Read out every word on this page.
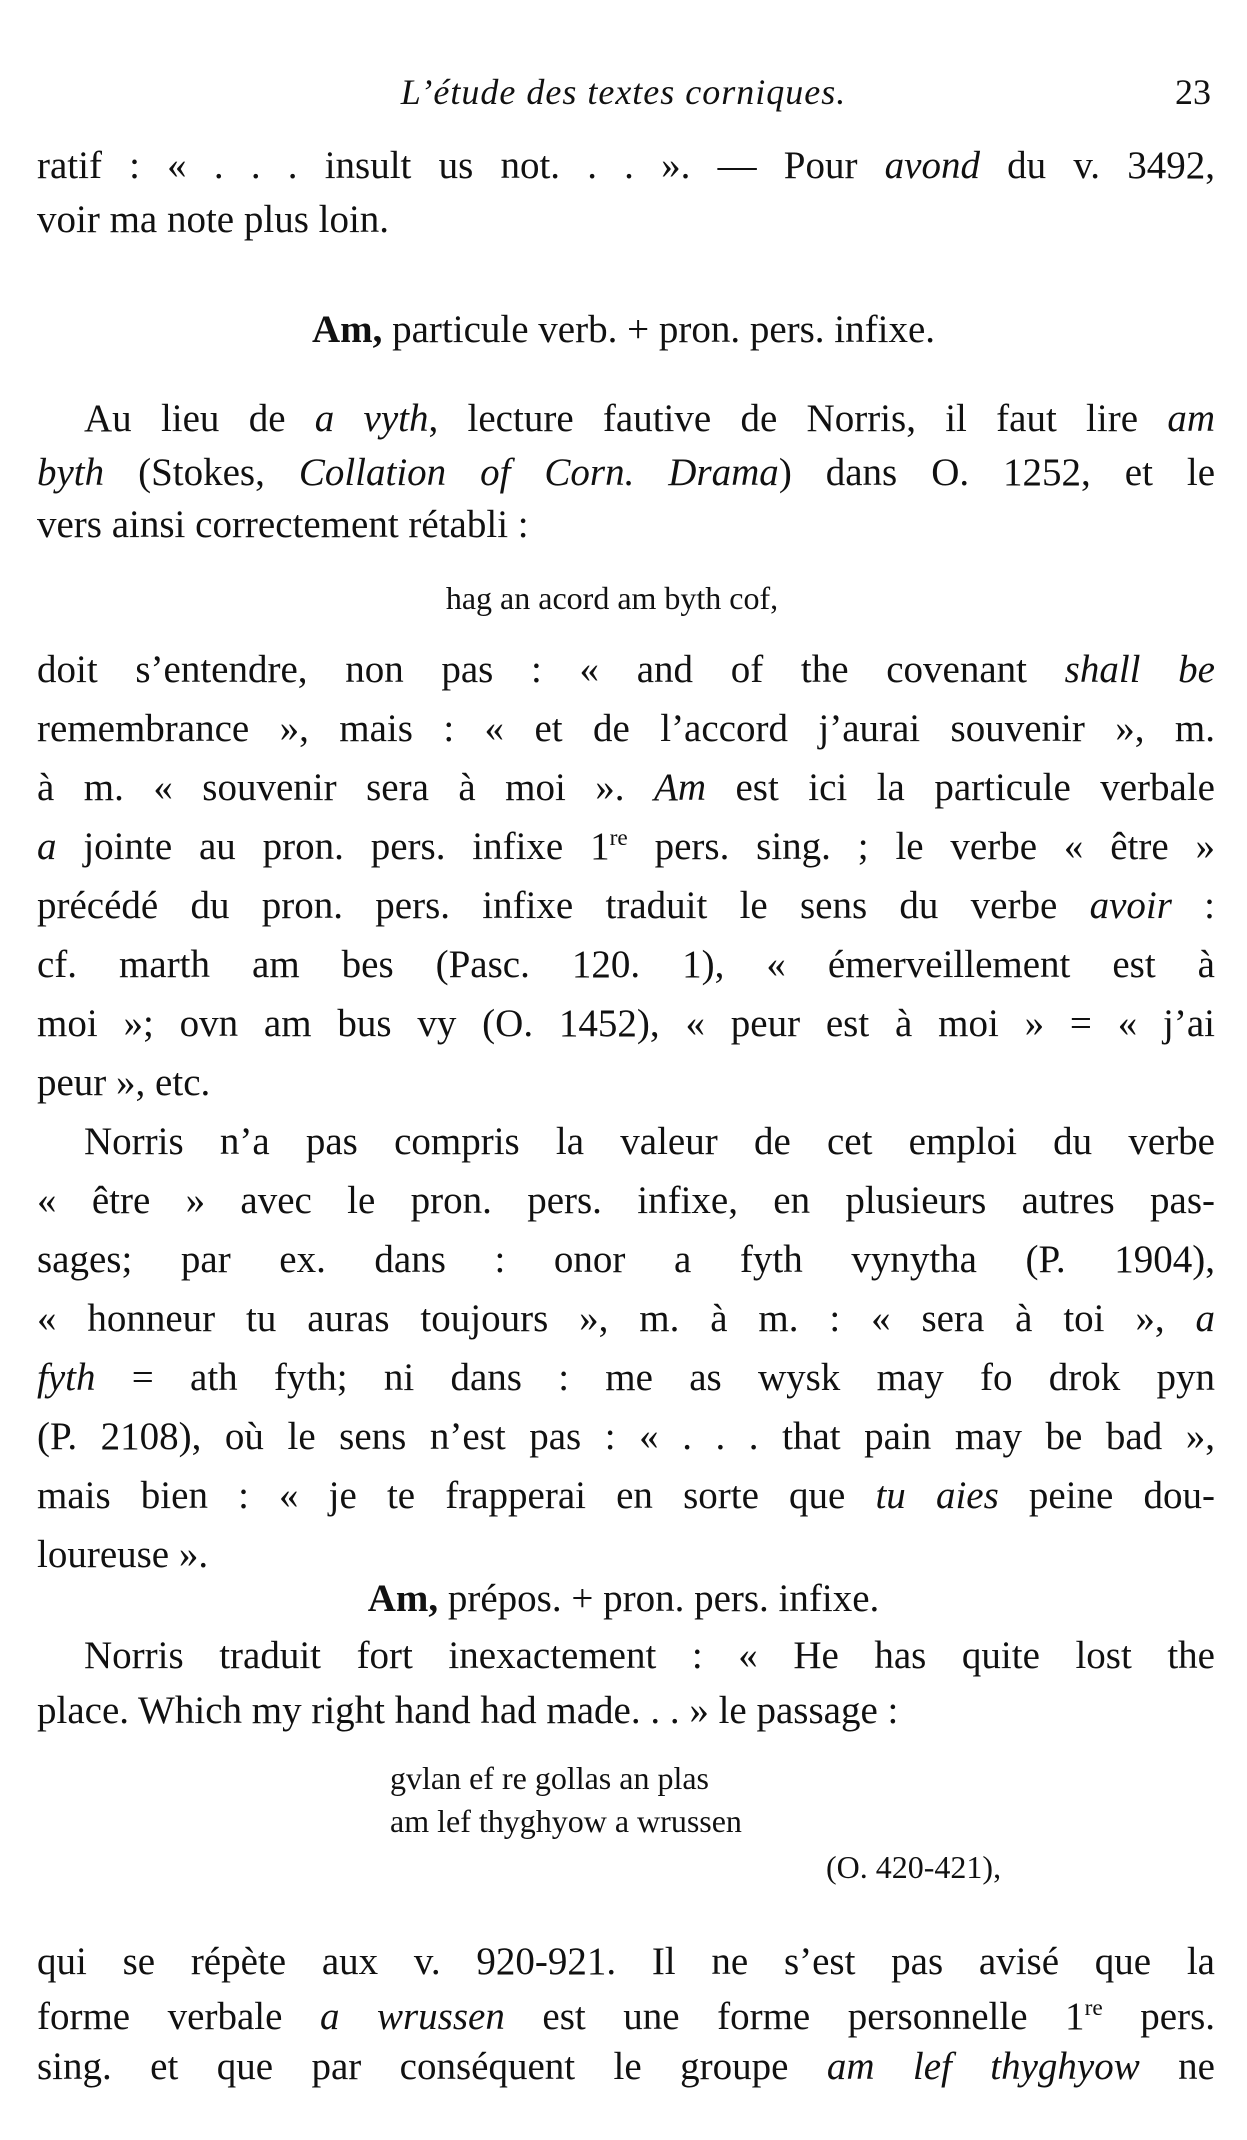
L’étude des textes corniques.	23
ratif : « . . . insult us not. . . ». — Pour avond du v. 3492,
voir ma note plus loin.
Am, particule verb. + pron. pers. infixe.
Au lieu de a vyth, lecture fautive de Norris, il faut lire am
byth (Stokes, Collation of Corn. Drama) dans O. 1252, et le
vers ainsi correctement rétabli :
hag an acord am byth cof,
doit s’entendre, non pas : « and of the covenant shall be
remembrance », mais : « et de l’accord j’aurai souvenir », m.
à m. « souvenir sera à moi ». Am est ici la particule verbale
a jointe au pron. pers. infixe 1re pers. sing. ; le verbe « être »
précédé du pron. pers. infixe traduit le sens du verbe avoir :
cf. marth am bes (Pasc. 120. 1), « émerveillement est à
moi »; ovn am bus vy (O. 1452), « peur est à moi » = « j’ai
peur », etc.
Norris n’a pas compris la valeur de cet emploi du verbe
« être » avec le pron. pers. infixe, en plusieurs autres pas-
sages; par ex. dans : onor a fyth vynytha (P. 1904),
« honneur tu auras toujours », m. à m. : « sera à toi », a
fyth = ath fyth; ni dans : me as wysk may fo drok pyn
(P. 2108), où le sens n’est pas : « . . . that pain may be bad »,
mais bien : « je te frapperai en sorte que tu aies peine dou-
loureuse ».
Am, prépos. + pron. pers. infixe.
Norris traduit fort inexactement : « He has quite lost the
place. Which my right hand had made. . . » le passage :
gvlan ef re gollas an plas
am lef thyghyow a wrussen
(O. 420-421),
qui se répète aux v. 920-921. Il ne s’est pas avisé que la
forme verbale a wrussen est une forme personnelle 1re pers.
sing. et que par conséquent le groupe am lef thyghyow ne
